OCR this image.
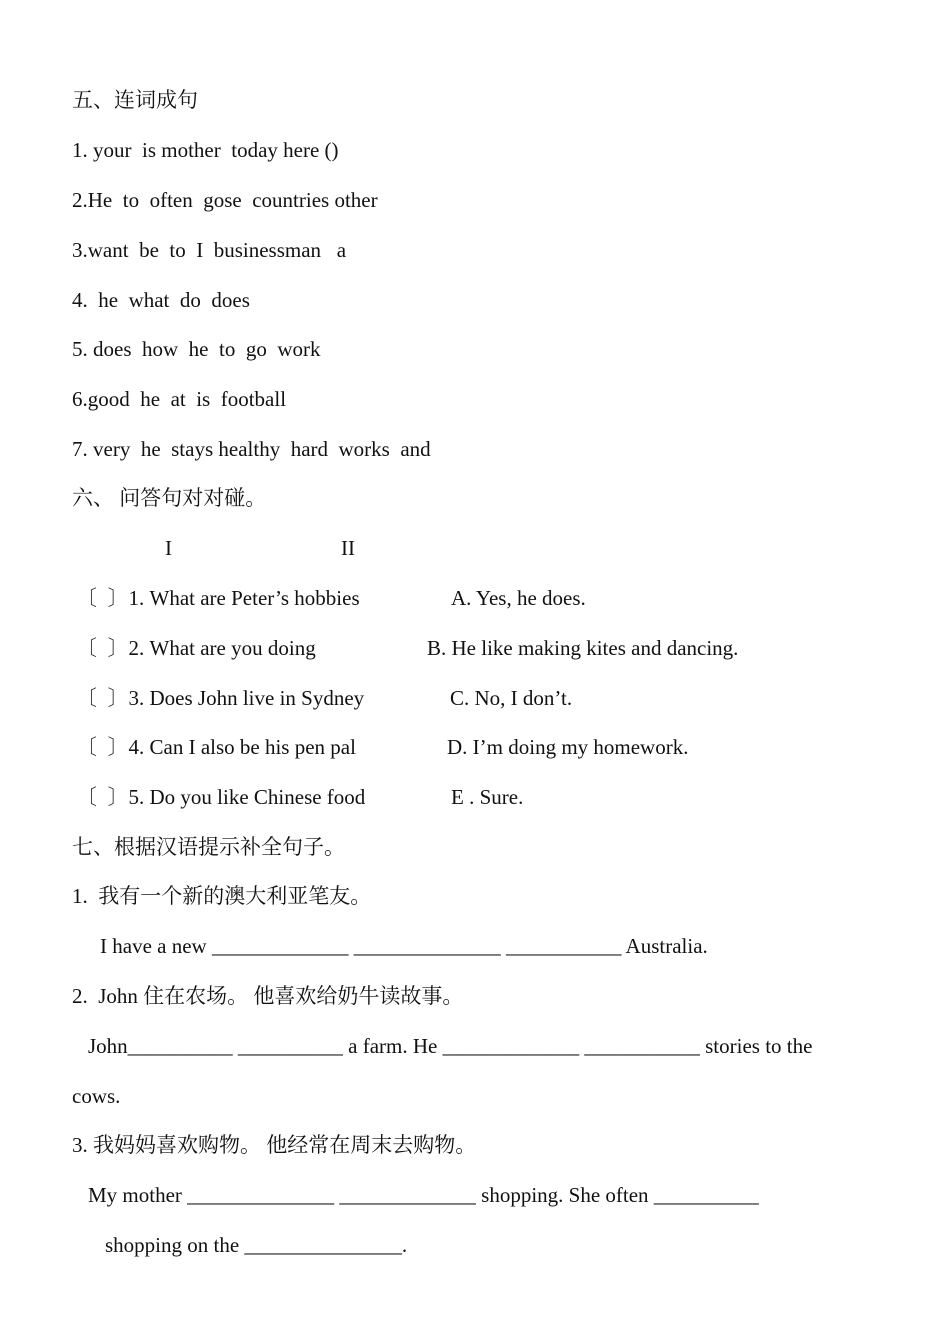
五、连词成句
1. your  is mother  today here ()
2.He  to  often  gose  countries other
3.want  be  to  I  businessman   a
4.  he  what  do  does
5. does  how  he  to  go  work
6.good  he  at  is  football
7. very  he  stays healthy  hard  works  and
六、 问答句对对碰。
I	II
〔  〕1. What are Peter’s hobbies	A. Yes, he does.
〔  〕2. What are you doing	B. He like making kites and dancing.
〔  〕3. Does John live in Sydney	C. No, I don’t.
〔  〕4. Can I also be his pen pal	D. I’m doing my homework.
〔  〕5. Do you like Chinese food	E . Sure.
七、根据汉语提示补全句子。
1.  我有一个新的澳大利亚笔友。
I have a new _____________ ______________ ___________ Australia.
2.  John 住在农场。 他喜欢给奶牛读故事。
John__________ __________ a farm. He _____________ ___________ stories to the
cows.
3. 我妈妈喜欢购物。 他经常在周末去购物。
My mother ______________ _____________ shopping. She often __________
shopping on the _______________.
